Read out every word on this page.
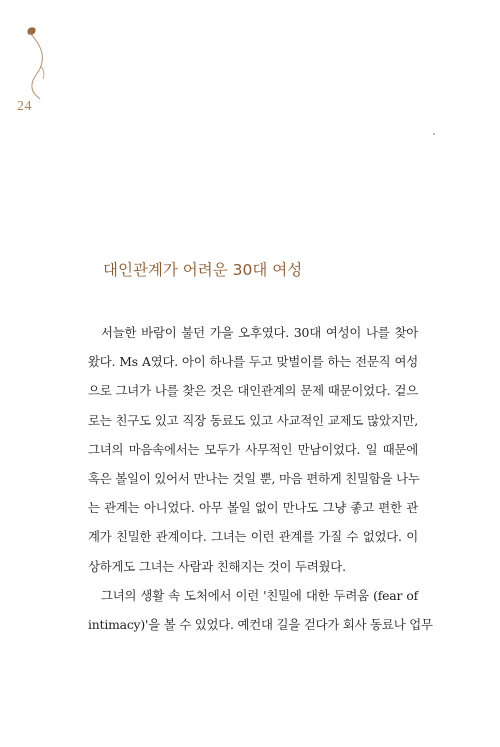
24
대인관계가 어려운 30대 여성
서늘한 바람이 불던 가을 오후였다. 30대 여성이 나를 찾아
왔다. Ms A였다. 아이 하나를 두고 맞벌이를 하는 전문직 여성
으로 그녀가 나를 찾은 것은 대인관계의 문제 때문이었다. 겉으
로는 친구도 있고 직장 동료도 있고 사교적인 교제도 많았지만,
그녀의 마음속에서는 모두가 사무적인 만남이었다. 일 때문에
혹은 볼일이 있어서 만나는 것일 뿐, 마음 편하게 친밀함을 나누
는 관계는 아니었다. 아무 볼일 없이 만나도 그냥 좋고 편한 관
계가 친밀한 관계이다. 그녀는 이런 관계를 가질 수 없었다. 이
상하게도 그녀는 사람과 친해지는 것이 두려웠다.
그녀의 생활 속 도처에서 이런 '친밀에 대한 두려움 (fear of
intimacy)'을 볼 수 있었다. 예컨대 길을 걷다가 회사 동료나 업무
